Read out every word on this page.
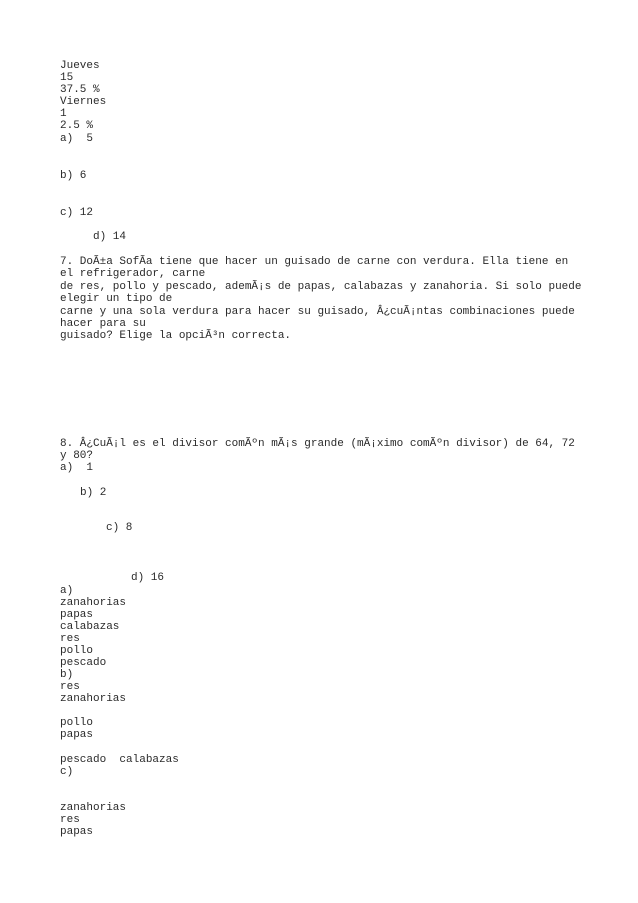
Jueves
15
37.5 %
Viernes
1
2.5 %
a)  5
b) 6
c) 12
d) 14
7. DoÃ±a SofÃa tiene que hacer un guisado de carne con verdura. Ella tiene en el refrigerador, carne
de res, pollo y pescado, ademÃ¡s de papas, calabazas y zanahoria. Si solo puede elegir un tipo de
carne y una sola verdura para hacer su guisado, Â¿cuÃ¡ntas combinaciones puede hacer para su
guisado? Elige la opciÃ³n correcta.
8. Â¿CuÃ¡l es el divisor comÃºn mÃ¡s grande (mÃ¡ximo comÃºn divisor) de 64, 72 y 80?
a)  1
b) 2
c) 8
d) 16
a)
zanahorias
papas
calabazas
res
pollo
pescado
b)
res
zanahorias
pollo
papas
pescado  calabazas
c)
zanahorias
res
papas
